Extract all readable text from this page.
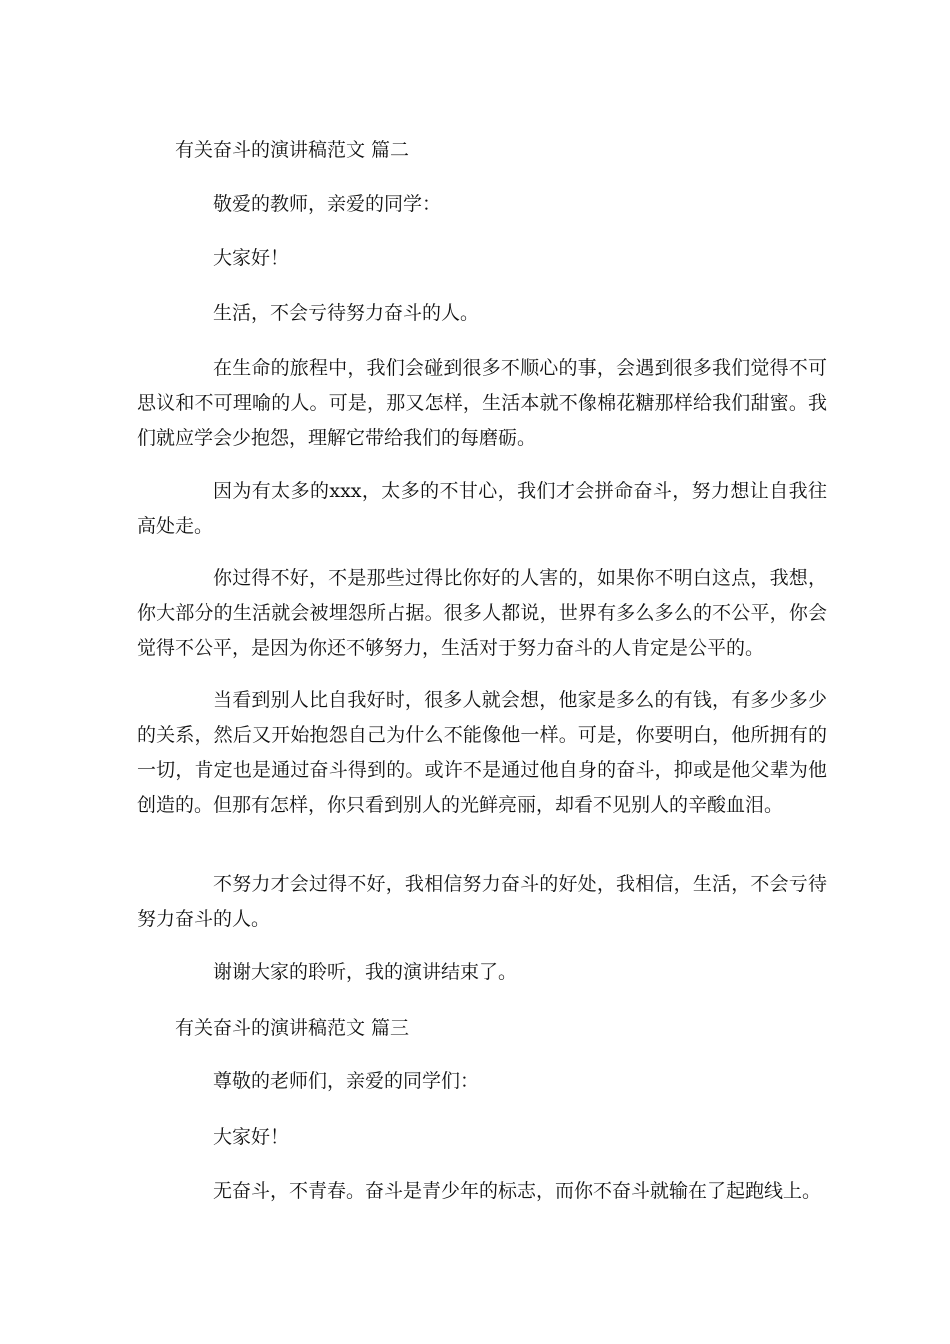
有关奋斗的演讲稿范文 篇二

敬爱的教师，亲爱的同学：

大家好！

生活，不会亏待努力奋斗的人。

在生命的旅程中，我们会碰到很多不顺心的事，会遇到很多我们觉得不可思议和不可理喻的人。可是，那又怎样，生活本就不像棉花糖那样给我们甜蜜。我们就应学会少抱怨，理解它带给我们的每磨砺。

因为有太多的xxx，太多的不甘心，我们才会拼命奋斗，努力想让自我往高处走。

你过得不好，不是那些过得比你好的人害的，如果你不明白这点，我想，你大部分的生活就会被埋怨所占据。很多人都说，世界有多么多么的不公平，你会觉得不公平，是因为你还不够努力，生活对于努力奋斗的人肯定是公平的。

当看到别人比自我好时，很多人就会想，他家是多么的有钱，有多少多少的关系，然后又开始抱怨自己为什么不能像他一样。可是，你要明白，他所拥有的一切，肯定也是通过奋斗得到的。或许不是通过他自身的奋斗，抑或是他父辈为他创造的。但那有怎样，你只看到别人的光鲜亮丽，却看不见别人的辛酸血泪。

不努力才会过得不好，我相信努力奋斗的好处，我相信，生活，不会亏待努力奋斗的人。

谢谢大家的聆听，我的演讲结束了。

有关奋斗的演讲稿范文 篇三

尊敬的老师们，亲爱的同学们：

大家好！

无奋斗，不青春。奋斗是青少年的标志，而你不奋斗就输在了起跑线上。
